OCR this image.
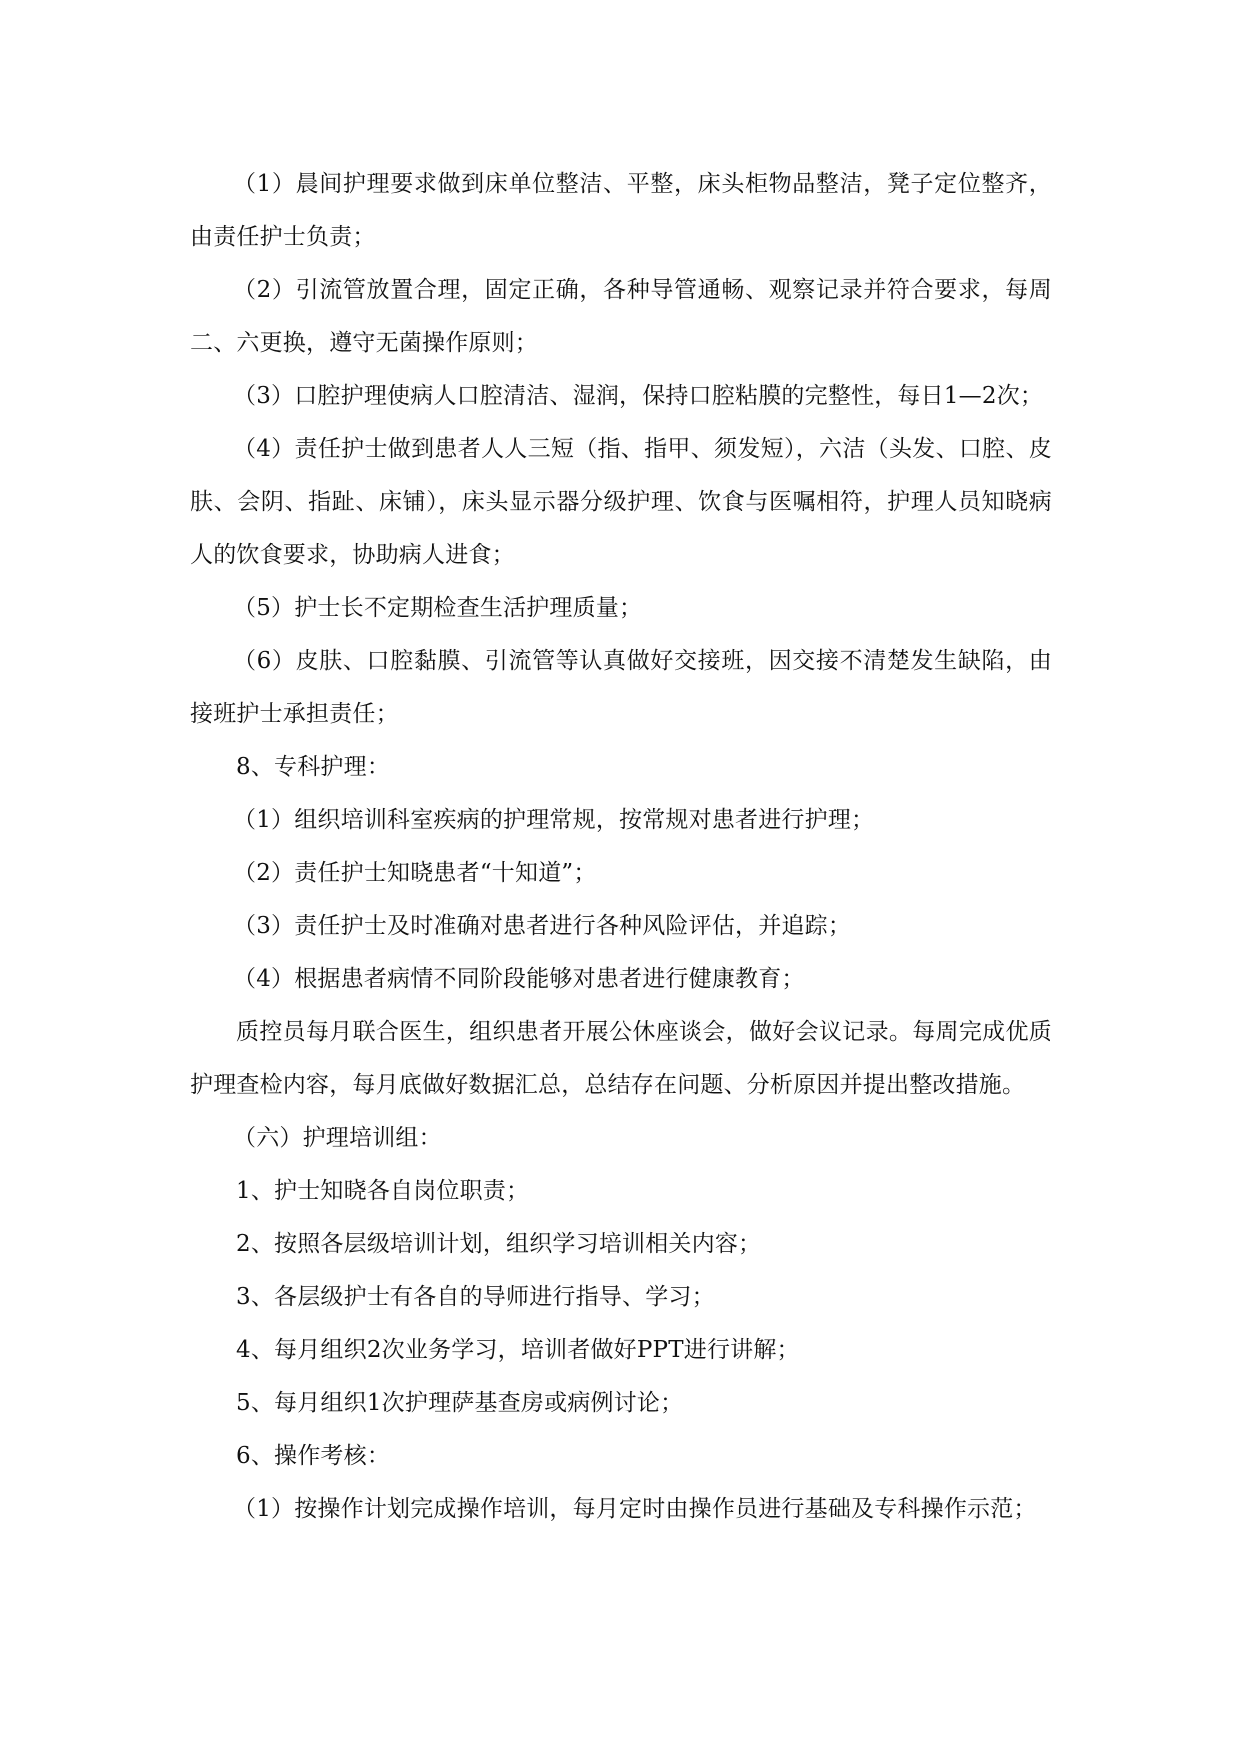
（1）晨间护理要求做到床单位整洁、平整，床头柜物品整洁，凳子定位整齐，由责任护士负责；

（2）引流管放置合理，固定正确，各种导管通畅、观察记录并符合要求，每周二、六更换，遵守无菌操作原则；

（3）口腔护理使病人口腔清洁、湿润，保持口腔粘膜的完整性，每日1—2次；

（4）责任护士做到患者人人三短（指、指甲、须发短），六洁（头发、口腔、皮肤、会阴、指趾、床铺），床头显示器分级护理、饮食与医嘱相符，护理人员知晓病人的饮食要求，协助病人进食；

（5）护士长不定期检查生活护理质量；

（6）皮肤、口腔黏膜、引流管等认真做好交接班，因交接不清楚发生缺陷，由接班护士承担责任；

8、专科护理：

（1）组织培训科室疾病的护理常规，按常规对患者进行护理；

（2）责任护士知晓患者“十知道”；

（3）责任护士及时准确对患者进行各种风险评估，并追踪；

（4）根据患者病情不同阶段能够对患者进行健康教育；

质控员每月联合医生，组织患者开展公休座谈会，做好会议记录。每周完成优质护理查检内容，每月底做好数据汇总，总结存在问题、分析原因并提出整改措施。

（六）护理培训组：

1、护士知晓各自岗位职责；

2、按照各层级培训计划，组织学习培训相关内容；

3、各层级护士有各自的导师进行指导、学习；

4、每月组织2次业务学习，培训者做好PPT进行讲解；

5、每月组织1次护理萨基查房或病例讨论；

6、操作考核：

（1）按操作计划完成操作培训，每月定时由操作员进行基础及专科操作示范；
